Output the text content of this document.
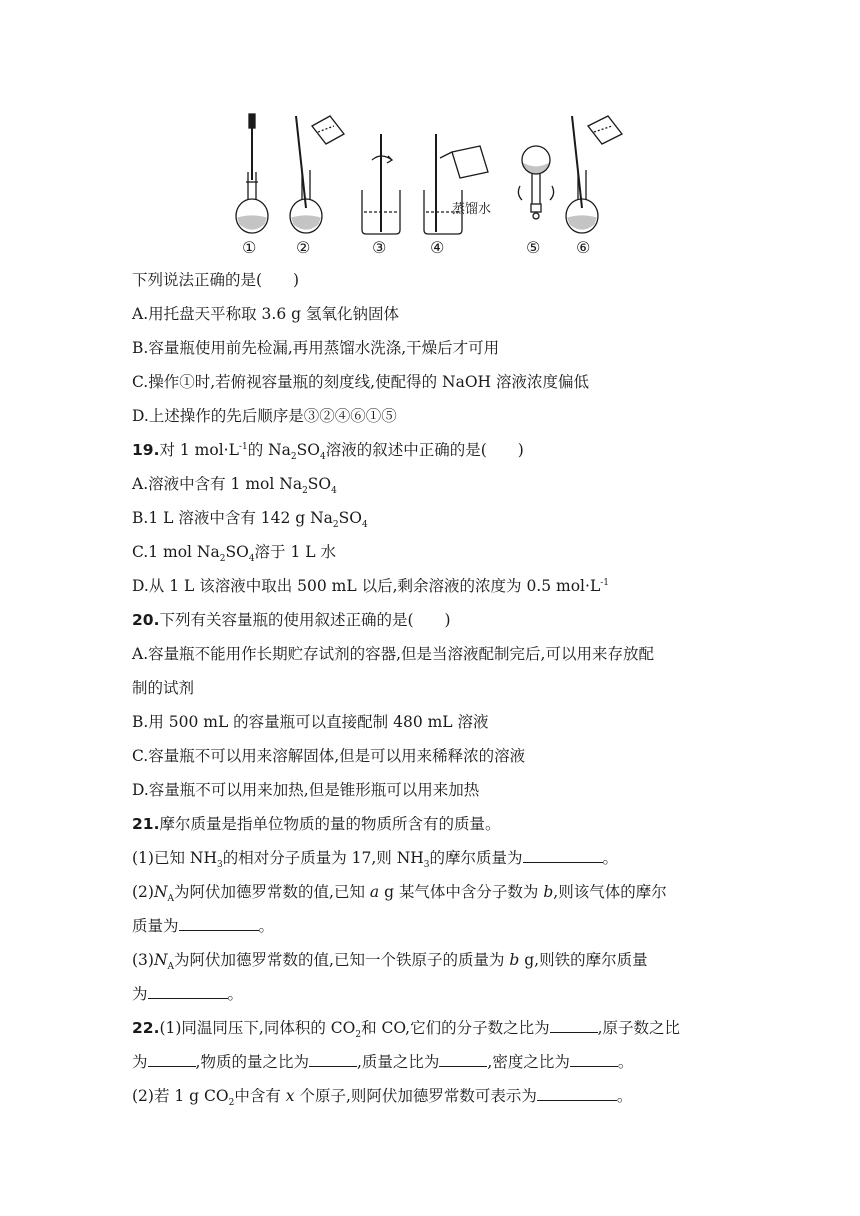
蒸馏水
① ②	③	④	⑤ ⑥
下列说法正确的是(　　)
A.用托盘天平称取 3.6 g 氢氧化钠固体
B.容量瓶使用前先检漏,再用蒸馏水洗涤,干燥后才可用
C.操作①时,若俯视容量瓶的刻度线,使配得的 NaOH 溶液浓度偏低
D.上述操作的先后顺序是③②④⑥①⑤
19.对 1 $mol\cdot L^{-1}$的 $Na_2SO_4$溶液的叙述中正确的是(　　)
A.溶液中含有 1 mol $Na_2SO_4$
B.1 L 溶液中含有 142 g $Na_2SO_4$
C.1 mol $Na_2SO_4$溶于 1 L 水
D.从 1 L 该溶液中取出 500 mL 以后,剩余溶液的浓度为 0.5 $mol\cdot L^{-1}$
20.下列有关容量瓶的使用叙述正确的是(　　)
A.容量瓶不能用作长期贮存试剂的容器,但是当溶液配制完后,可以用来存放配
制的试剂
B.用 500 mL 的容量瓶可以直接配制 480 mL 溶液
C.容量瓶不可以用来溶解固体,但是可以用来稀释浓的溶液
D.容量瓶不可以用来加热,但是锥形瓶可以用来加热
21.摩尔质量是指单位物质的量的物质所含有的质量。
(1)已知 $NH_3$的相对分子质量为 17,则 $NH_3$的摩尔质量为	。
$(2)N_A$为阿伏加德罗常数的值,已知 a g 某气体中含分子数为 b,则该气体的摩尔
质量为	。
$(3)N_A$为阿伏加德罗常数的值,已知一个铁原子的质量为 b g,则铁的摩尔质量
为	。
22.(1)同温同压下,同体积的 $CO_2$和 CO,它们的分子数之比为	,原子数之比
为	,物质的量之比为	,质量之比为	,密度之比为	。
(2)若 1 g $CO_2$中含有 x 个原子,则阿伏加德罗常数可表示为	。
